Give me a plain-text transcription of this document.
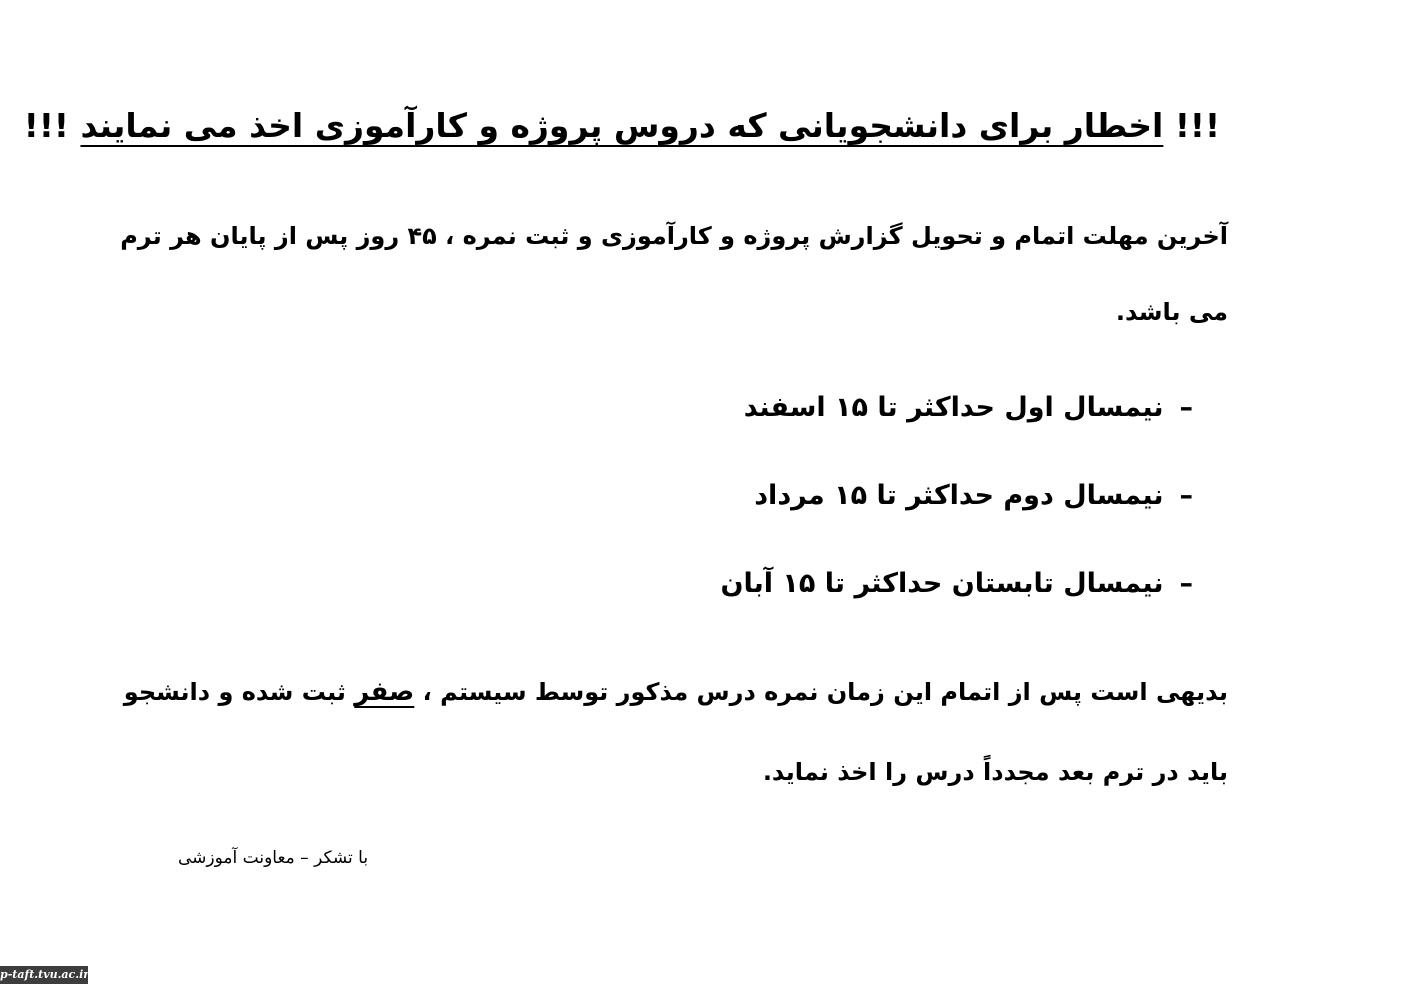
!!! اخطار برای دانشجویانی که دروس پروژه و کارآموزی اخذ می نمایند !!!
آخرین مهلت اتمام و تحویل گزارش پروژه و کارآموزی و ثبت نمره ، ۴۵ روز پس از پایان هر ترم
می باشد.
–نیمسال اول حداکثر تا ۱۵ اسفند
–نیمسال دوم حداکثر تا ۱۵ مرداد
–نیمسال تابستان حداکثر تا ۱۵ آبان
بدیهی است پس از اتمام این زمان نمره درس مذکور توسط سیستم ، صفر ثبت شده و دانشجو
باید در ترم بعد مجدداً درس را اخذ نماید.
با تشکر – معاونت آموزشی
p-taft.tvu.ac.ir
